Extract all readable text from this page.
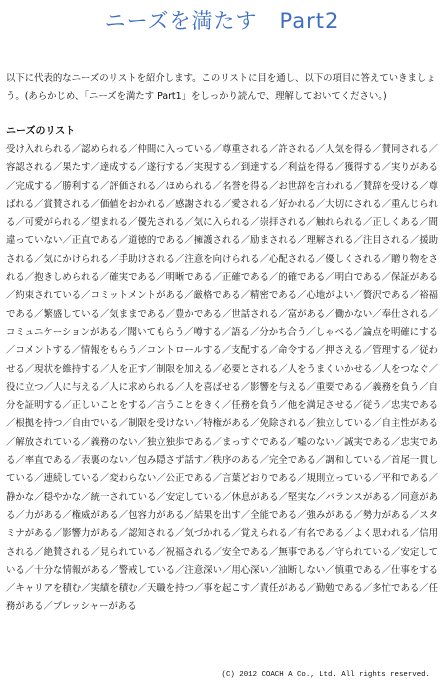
ニーズを満たす　Part2

以下に代表的なニーズのリストを紹介します。このリストに目を通し、以下の項目に答えていきましょう。(あらかじめ、「ニーズを満たす Part1」をしっかり読んで、理解しておいてください。)

ニーズのリスト

受け入れられる／認められる／仲間に入っている／尊重される／許される／人気を得る／賛同される／容認される／果たす／達成する／遂行する／実現する／到達する／利益を得る／獲得する／実りがある／完成する／勝利する／評価される／ほめられる／名誉を得る／お世辞を言われる／賛辞を受ける／尊ばれる／賞賛される／価値をおかれる／感謝される／愛される／好かれる／大切にされる／重んじられる／可愛がられる／望まれる／優先される／気に入られる／崇拝される／触れられる／正しくある／間違っていない／正直である／道徳的である／擁護される／励まされる／理解される／注目される／援助される／気にかけられる／手助けされる／注意を向けられる／心配される／優しくされる／贈り物をされる／抱きしめられる／確実である／明晰である／正確である／的確である／明白である／保証がある／約束されている／コミットメントがある／厳格である／精密である／心地がよい／贅沢である／裕福である／繁盛している／気ままである／豊かである／世話される／富がある／働かない／奉仕される／コミュニケーションがある／聞いてもらう／噂する／語る／分かち合う／しゃべる／論点を明確にする／コメントする／情報をもらう／コントロールする／支配する／命令する／押さえる／管理する／従わせる／現状を維持する／人を正す／制限を加える／必要とされる／人をうまくいかせる／人をつなぐ／役に立つ／人に与える／人に求められる／人を喜ばせる／影響を与える／重要である／義務を負う／自分を証明する／正しいことをする／言うことをきく／任務を負う／他を満足させる／従う／忠実である／根拠を持つ／自由でいる／制限を受けない／特権がある／免除される／独立している／自主性がある／解放されている／義務のない／独立独歩である／まっすぐである／嘘のない／誠実である／忠実である／率直である／表裏のない／包み隠さず話す／秩序のある／完全である／調和している／首尾一貫している／連続している／変わらない／公正である／言葉どおりである／規則立っている／平和である／静かな／穏やかな／統一されている／安定している／休息がある／堅実な／バランスがある／同意がある／力がある／権威がある／包容力がある／結果を出す／全能である／強みがある／勢力がある／スタミナがある／影響力がある／認知される／気づかれる／覚えられる／有名である／よく思われる／信用される／絶賛される／見られている／祝福される／安全である／無事である／守られている／安定している／十分な情報がある／警戒している／注意深い／用心深い／油断しない／慎重である／仕事をする／キャリアを積む／実績を積む／天職を持つ／事を起こす／責任がある／勤勉である／多忙である／任務がある／プレッシャーがある

(C) 2012 COACH A Co., Ltd. All rights reserved.
